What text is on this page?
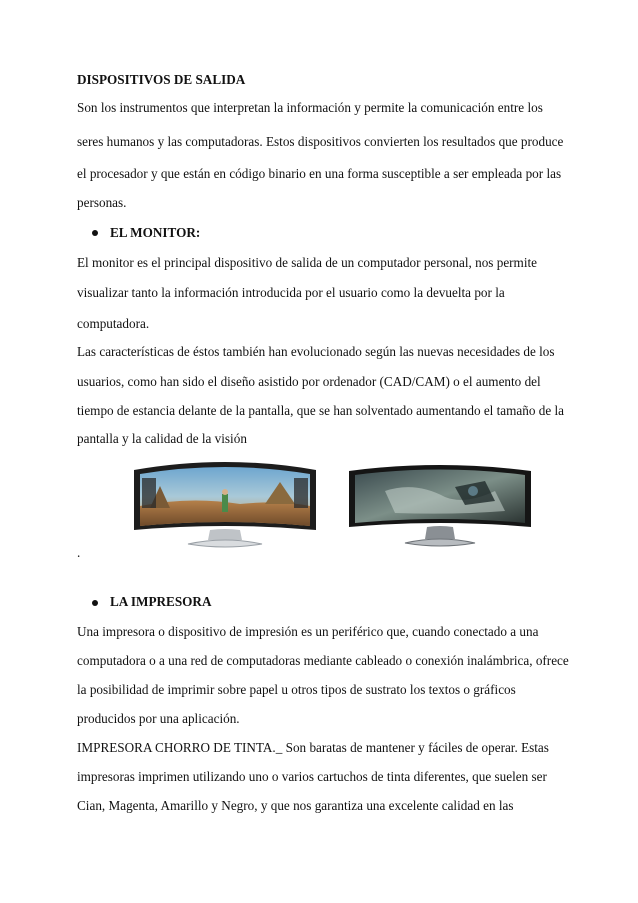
DISPOSITIVOS DE SALIDA
Son los instrumentos que interpretan la información y permite la comunicación entre los
seres humanos y las computadoras. Estos dispositivos convierten los resultados que produce
el procesador y que están en código binario en una forma susceptible a ser empleada por las
personas.
EL MONITOR:
El monitor es el principal dispositivo de salida de un computador personal, nos permite
visualizar tanto la información introducida por el usuario como la devuelta por la
computadora.
Las características de éstos también han evolucionado según las nuevas necesidades de los
usuarios, como han sido el diseño asistido por ordenador (CAD/CAM) o el aumento del
tiempo de estancia delante de la pantalla, que se han solventado aumentando el tamaño de la
pantalla y la calidad de la visión
.
LA IMPRESORA
Una impresora o dispositivo de impresión es un periférico que, cuando conectado a una
computadora o a una red de computadoras mediante cableado o conexión inalámbrica, ofrece
la posibilidad de imprimir sobre papel u otros tipos de sustrato los textos o gráficos
producidos por una aplicación.
IMPRESORA CHORRO DE TINTA._ Son baratas de mantener y fáciles de operar. Estas
impresoras imprimen utilizando uno o varios cartuchos de tinta diferentes, que suelen ser
Cian, Magenta, Amarillo y Negro, y que nos garantiza una excelente calidad en las
